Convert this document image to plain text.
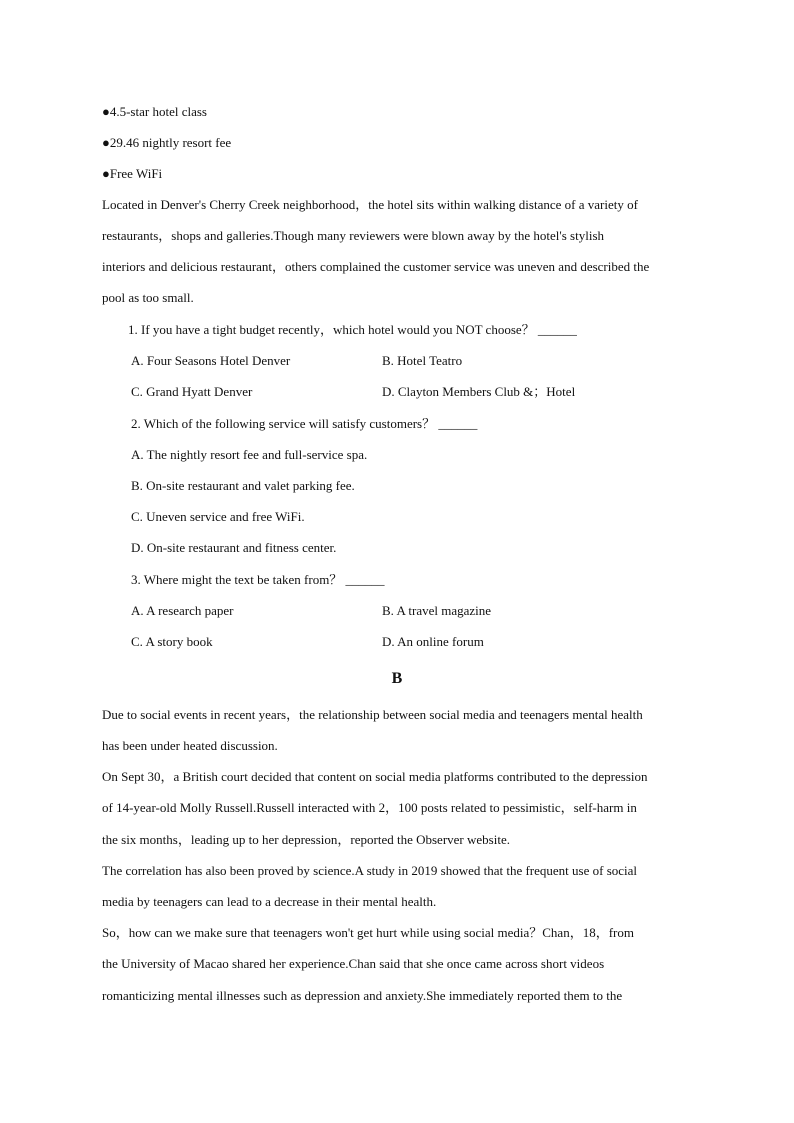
●4.5-star hotel class
●29.46 nightly resort fee
●Free WiFi
Located in Denver's Cherry Creek neighborhood，the hotel sits within walking distance of a variety of
restaurants，shops and galleries.Though many reviewers were blown away by the hotel's stylish
interiors and delicious restaurant，others complained the customer service was uneven and described the
pool as too small.
1. If you have a tight budget recently，which hotel would you NOT choose？ ______
A. Four Seasons Hotel Denver	B. Hotel Teatro
C. Grand Hyatt Denver	D. Clayton Members Club &；Hotel
2. Which of the following service will satisfy customers？ ______
A. The nightly resort fee and full-service spa.
B. On-site restaurant and valet parking fee.
C. Uneven service and free WiFi.
D. On-site restaurant and fitness center.
3. Where might the text be taken from？ ______
A. A research paper	B. A travel magazine
C. A story book	D. An online forum
B
Due to social events in recent years，the relationship between social media and teenagers mental health
has been under heated discussion.
On Sept 30，a British court decided that content on social media platforms contributed to the depression
of 14-year-old Molly Russell.Russell interacted with 2，100 posts related to pessimistic，self-harm in
the six months，leading up to her depression，reported the Observer website.
The correlation has also been proved by science.A study in 2019 showed that the frequent use of social
media by teenagers can lead to a decrease in their mental health.
So，how can we make sure that teenagers won't get hurt while using social media？Chan，18，from
the University of Macao shared her experience.Chan said that she once came across short videos
romanticizing mental illnesses such as depression and anxiety.She immediately reported them to the
